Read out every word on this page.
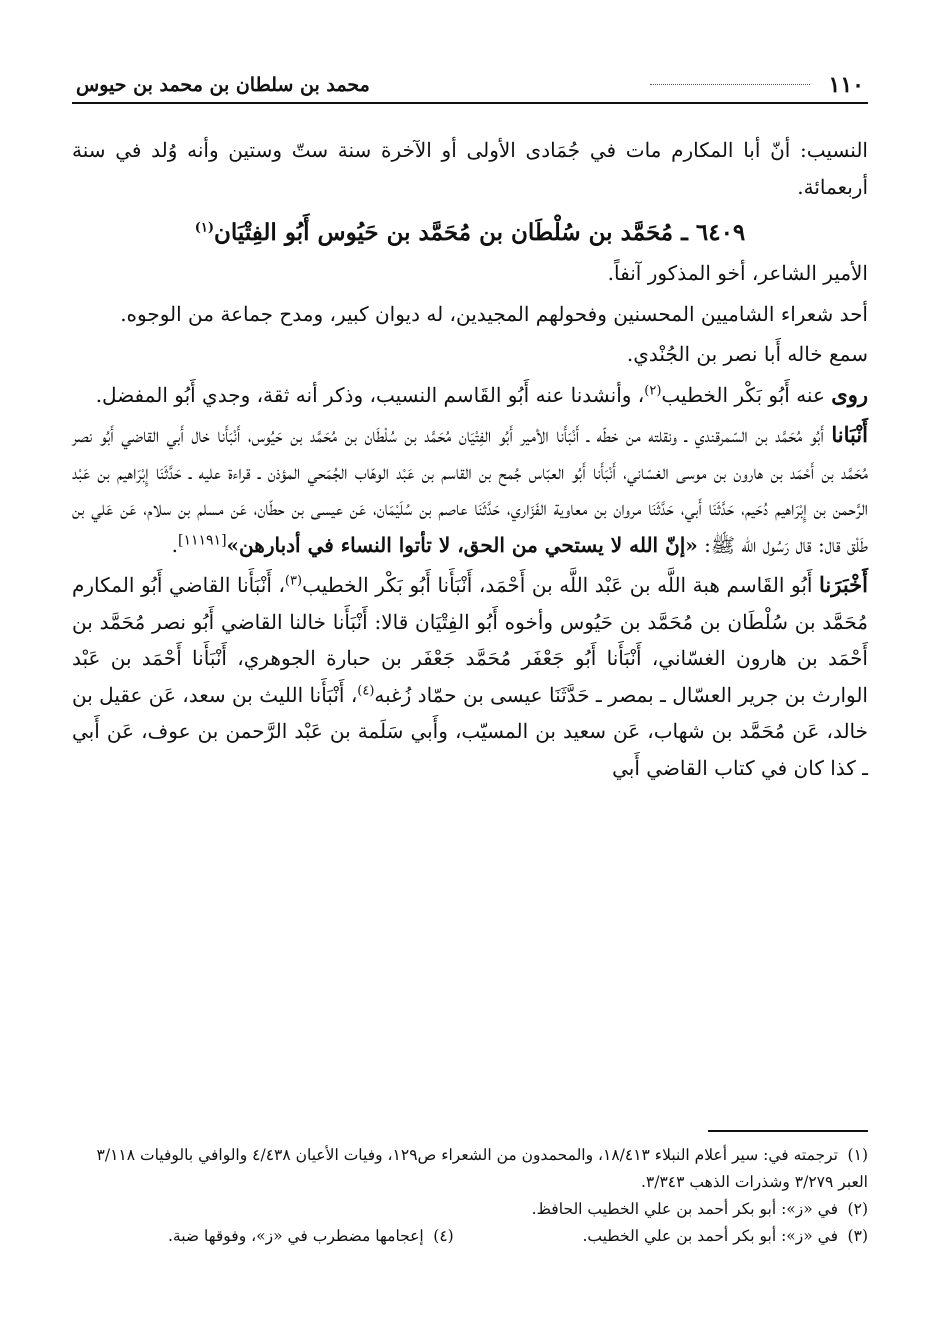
١١٠
محمد بن سلطان بن محمد بن حيوس

النسيب: أنّ أبا المكارم مات في جُمَادى الأولى أو الآخرة سنة ستّ وستين وأنه وُلد في سنة أربعمائة.

٦٤٠٩ ـ مُحَمَّد بن سُلْطَان بن مُحَمَّد بن حَيُوس أَبُو الفِتْيَان$^{(١)}$

الأمير الشاعر، أخو المذكور آنفاً.

أحد شعراء الشاميين المحسنين وفحولهم المجيدين، له ديوان كبير، ومدح جماعة من الوجوه.

سمع خاله أَبا نصر بن الجُنْدي.

روى عنه أَبُو بَكْر الخطيب$^{(٢)}$، وأنشدنا عنه أَبُو القَاسم النسيب، وذكر أنه ثقة، وجدي أَبُو المفضل.

أَنْبَانا أَبُو مُحَمَّد بن السّمرقندي ـ ونقلته من خطّه ـ أَنْبَأَنا الأمير أَبُو الفِتْيَان مُحَمَّد بن سُلْطَان بن مُحَمَّد بن حَيُوس، أَنْبَأَنا خال أَبي القاضي أَبُو نصر مُحَمَّد بن أَحْمَد بن هارون بن موسى الغسّاني، أَنْبَأَنا أَبُو العبّاس جُمح بن القاسم بن عَبْد الوهّاب الجُمَحي المؤذن ـ قراءة عليه ـ حَدَّثَنَا إِبْرَاهيم بن عَبْد الرَّحمن بن إِبْرَاهيم دُحَيم، حَدَّثَنَا أَبي، حَدَّثَنَا مروان بن معاوية الفَزَاري، حَدَّثَنَا عاصم بن سُلَيْمَان، عَن عيسى بن حطّان، عَن مسلم بن سلام، عَن عَلي بن طَلْق قال: قال رَسُول الله ﷺ: «إنّ الله لا يستحي من الحق، لا تأتوا النساء في أدبارهن»[١١١٩١].

أَخْبَرَنا أَبُو القَاسم هبة اللَّه بن عَبْد اللَّه بن أَحْمَد، أَنْبَأَنا أَبُو بَكْر الخطيب$^{(٣)}$، أَنْبَأَنا القاضي أَبُو المكارم مُحَمَّد بن سُلْطَان بن مُحَمَّد بن حَيُوس وأخوه أَبُو الفِتْيَان قالا: أَنْبَأَنا خالنا القاضي أَبُو نصر مُحَمَّد بن أَحْمَد بن هارون الغسّاني، أَنْبَأَنا أَبُو جَعْفَر مُحَمَّد جَعْفَر بن حبارة الجوهري، أَنْبَأَنا أَحْمَد بن عَبْد الوارث بن جرير العسّال ـ بمصر ـ حَدَّثَنَا عيسى بن حمّاد زُغبه$^{(٤)}$، أَنْبَأَنا الليث بن سعد، عَن عقيل بن خالد، عَن مُحَمَّد بن شهاب، عَن سعيد بن المسيّب، وأَبي سَلَمة بن عَبْد الرَّحمن بن عوف، عَن أَبي ـ كذا كان في كتاب القاضي أَبي

(١)ترجمته في: سير أعلام النبلاء ١٨/٤١٣، والمحمدون من الشعراء ص١٢٩، وفيات الأعيان ٤/٤٣٨ والوافي بالوفيات ٣/١١٨ العبر ٣/٢٧٩ وشذرات الذهب ٣/٣٤٣.

(٢)في «ز»: أبو بكر أحمد بن علي الخطيب الحافظ.

(٣)في «ز»: أبو بكر أحمد بن علي الخطيب.

(٤)إعجامها مضطرب في «ز»، وفوقها ضبة.
